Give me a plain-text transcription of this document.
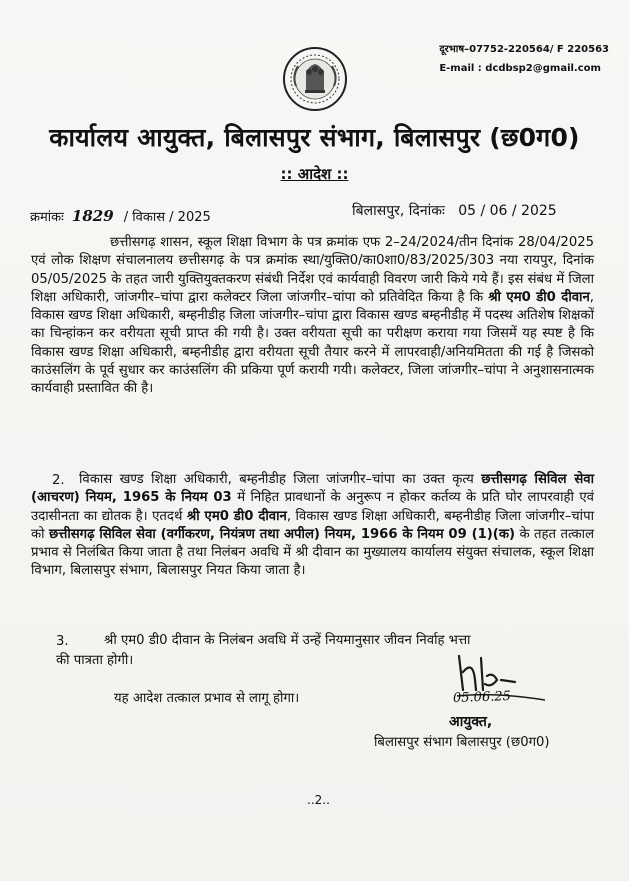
दूरभाष–07752-220564/ F 220563
E-mail : dcdbsp2@gmail.com
कार्यालय आयुक्त, बिलासपुर संभाग, बिलासपुर (छ0ग0)
:: आदेश ::
क्रमांकः 1829 / विकास / 2025	बिलासपुर, दिनांकः 05 / 06 / 2025
छत्तीसगढ़ शासन, स्कूल शिक्षा विभाग के पत्र क्रमांक एफ 2–24/2024/तीन दिनांक 28/04/2025 एवं लोक शिक्षण संचालनालय छत्तीसगढ़ के पत्र क्रमांक स्था/युक्ति0/का0शा0/83/2025/303 नया रायपुर, दिनांक 05/05/2025 के तहत जारी युक्तियुक्तकरण संबंधी निर्देश एवं कार्यवाही विवरण जारी किये गये हैं। इस संबंध में जिला शिक्षा अधिकारी, जांजगीर–चांपा द्वारा कलेक्टर जिला जांजगीर–चांपा को प्रतिवेदित किया है कि श्री एम0 डी0 दीवान, विकास खण्ड शिक्षा अधिकारी, बम्हनीडीह जिला जांजगीर–चांपा द्वारा विकास खण्ड बम्हनीडीह में पदस्थ अतिशेष शिक्षकों का चिन्हांकन कर वरीयता सूची प्राप्त की गयी है। उक्त वरीयता सूची का परीक्षण कराया गया जिसमें यह स्पष्ट है कि विकास खण्ड शिक्षा अधिकारी, बम्हनीडीह द्वारा वरीयता सूची तैयार करने में लापरवाही/अनियमितता की गई है जिसको काउंसलिंग के पूर्व सुधार कर काउंसलिंग की प्रकिया पूर्ण करायी गयी। कलेक्टर, जिला जांजगीर–चांपा ने अनुशासनात्मक कार्यवाही प्रस्तावित की है।
2.	विकास खण्ड शिक्षा अधिकारी, बम्हनीडीह जिला जांजगीर–चांपा का उक्त कृत्य छत्तीसगढ़ सिविल सेवा (आचरण) नियम, 1965 के नियम 03 में निहित प्रावधानों के अनुरूप न होकर कर्तव्य के प्रति घोर लापरवाही एवं उदासीनता का द्योतक है। एतदर्थ श्री एम0 डी0 दीवान, विकास खण्ड शिक्षा अधिकारी, बम्हनीडीह जिला जांजगीर–चांपा को छत्तीसगढ़ सिविल सेवा (वर्गीकरण, नियंत्रण तथा अपील) नियम, 1966 के नियम 09 (1)(क) के तहत तत्काल प्रभाव से निलंबित किया जाता है तथा निलंबन अवधि में श्री दीवान का मुख्यालय कार्यालय संयुक्त संचालक, स्कूल शिक्षा विभाग, बिलासपुर संभाग, बिलासपुर नियत किया जाता है।
3.	श्री एम0 डी0 दीवान के निलंबन अवधि में उन्हें नियमानुसार जीवन निर्वाह भत्ता
की पात्रता होगी।
यह आदेश तत्काल प्रभाव से लागू होगा।	05.06.25
आयुक्त,
बिलासपुर संभाग बिलासपुर (छ0ग0)
..2..
